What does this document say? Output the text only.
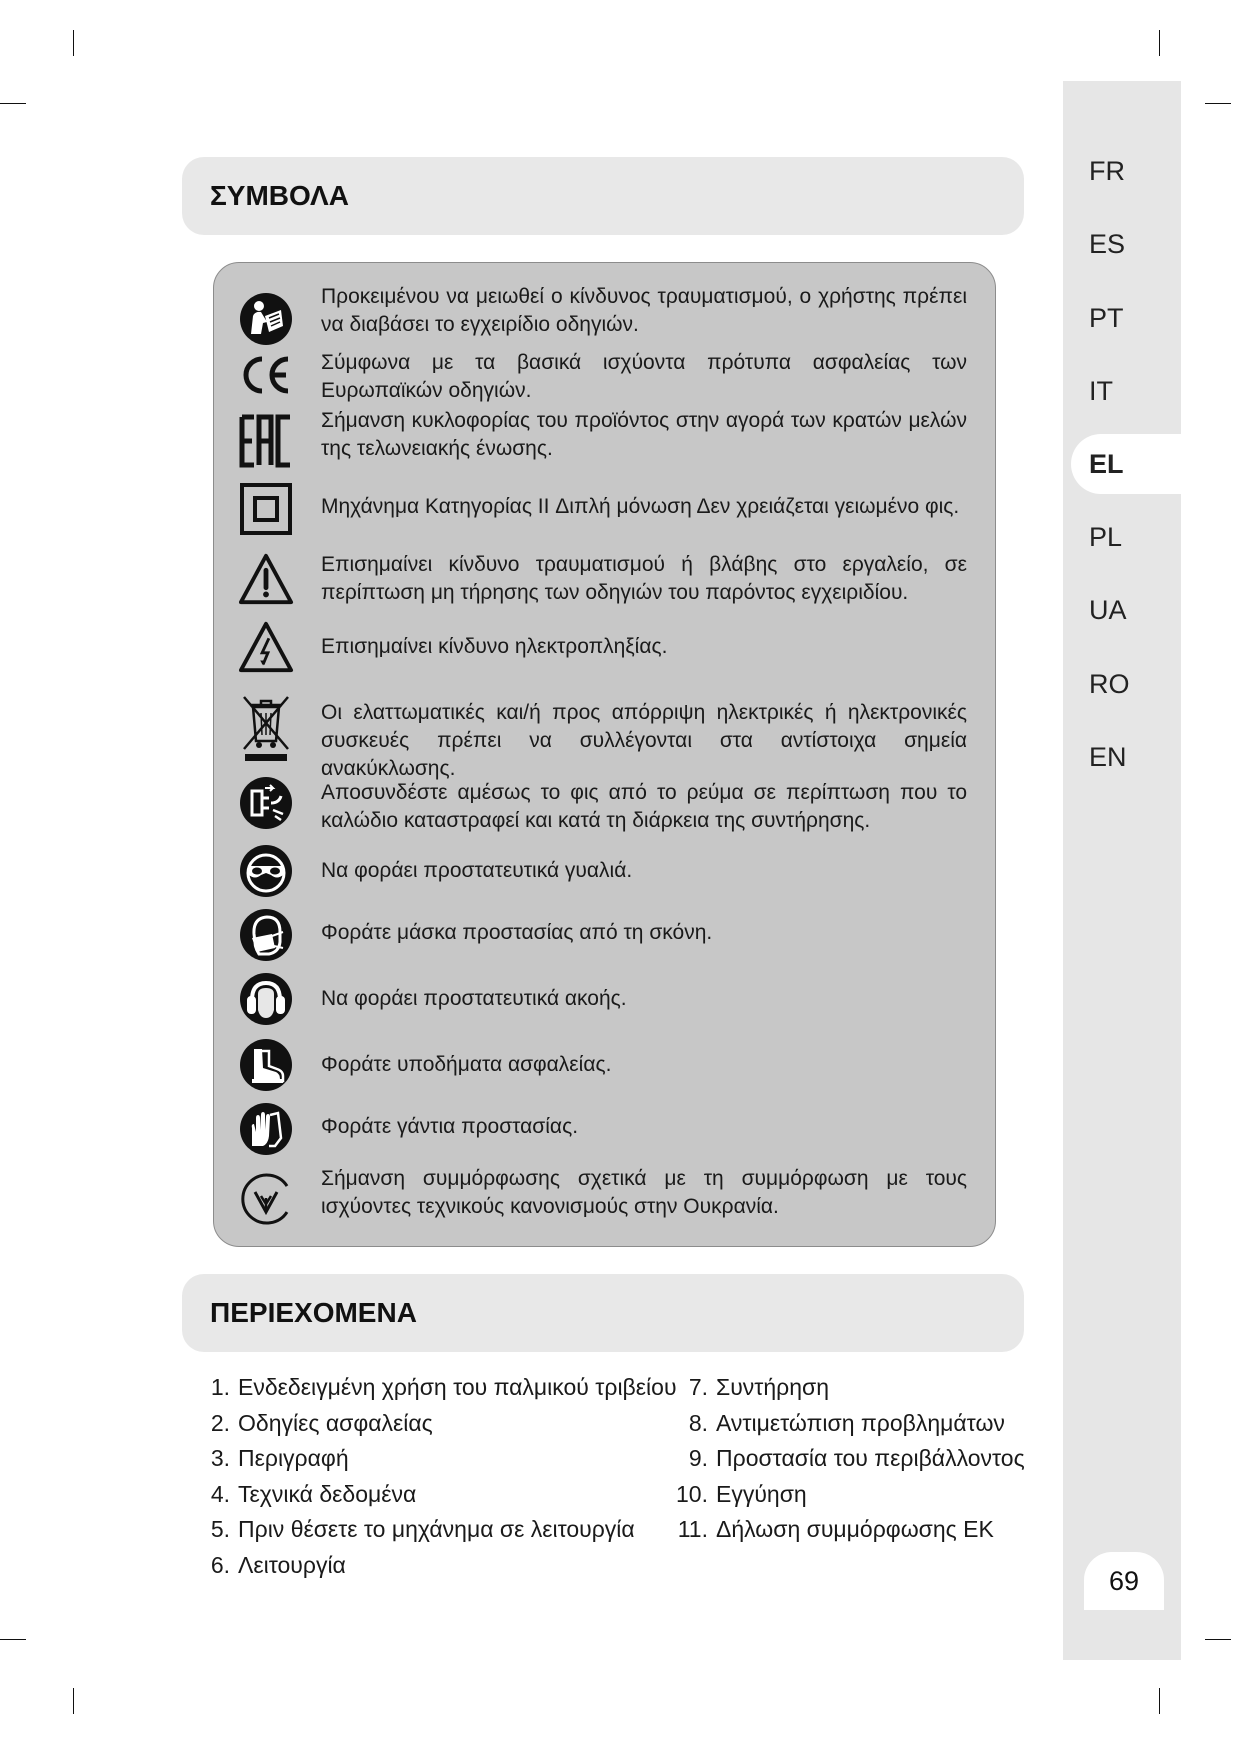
FR
ES
PT
IT
EL
PL
UA
RO
EN
69
ΣΥΜΒΟΛΑ
Προκειμένου να μειωθεί ο κίνδυνος τραυματισμού, ο χρήστης πρέπει να διαβάσει το εγχειρίδιο οδηγιών.
Σύμφωνα με τα βασικά ισχύοντα πρότυπα ασφαλείας των Ευρωπαϊκών οδηγιών.
Σήμανση κυκλοφορίας του προϊόντος στην αγορά των κρατών μελών της τελωνειακής ένωσης.
Μηχάνημα Κατηγορίας II Διπλή μόνωση Δεν χρειάζεται γειωμένο φις.
Επισημαίνει κίνδυνο τραυματισμού ή βλάβης στο εργαλείο, σε περίπτωση μη τήρησης των οδηγιών του παρόντος εγχειριδίου.
Επισημαίνει κίνδυνο ηλεκτροπληξίας.
Οι ελαττωματικές και/ή προς απόρριψη ηλεκτρικές ή ηλεκτρονικές συσκευές πρέπει να συλλέγονται στα αντίστοιχα σημεία ανακύκλωσης.
Αποσυνδέστε αμέσως το φις από το ρεύμα σε περίπτωση που το καλώδιο καταστραφεί και κατά τη διάρκεια της συντήρησης.
Να φοράει προστατευτικά γυαλιά.
Φοράτε μάσκα προστασίας από τη σκόνη.
Να φοράει προστατευτικά ακοής.
Φοράτε υποδήματα ασφαλείας.
Φοράτε γάντια προστασίας.
Σήμανση συμμόρφωσης σχετικά με τη συμμόρφωση με τους ισχύοντες τεχνικούς κανονισμούς στην Ουκρανία.
ΠΕΡΙΕΧΟΜΕΝΑ
1. Ενδεδειγμένη χρήση του παλμικού τριβείου
2. Οδηγίες ασφαλείας
3. Περιγραφή
4. Τεχνικά δεδομένα
5. Πριν θέσετε το μηχάνημα σε λειτουργία
6. Λειτουργία
7. Συντήρηση
8. Αντιμετώπιση προβλημάτων
9. Προστασία του περιβάλλοντος
10. Εγγύηση
11. Δήλωση συμμόρφωσης ΕΚ
